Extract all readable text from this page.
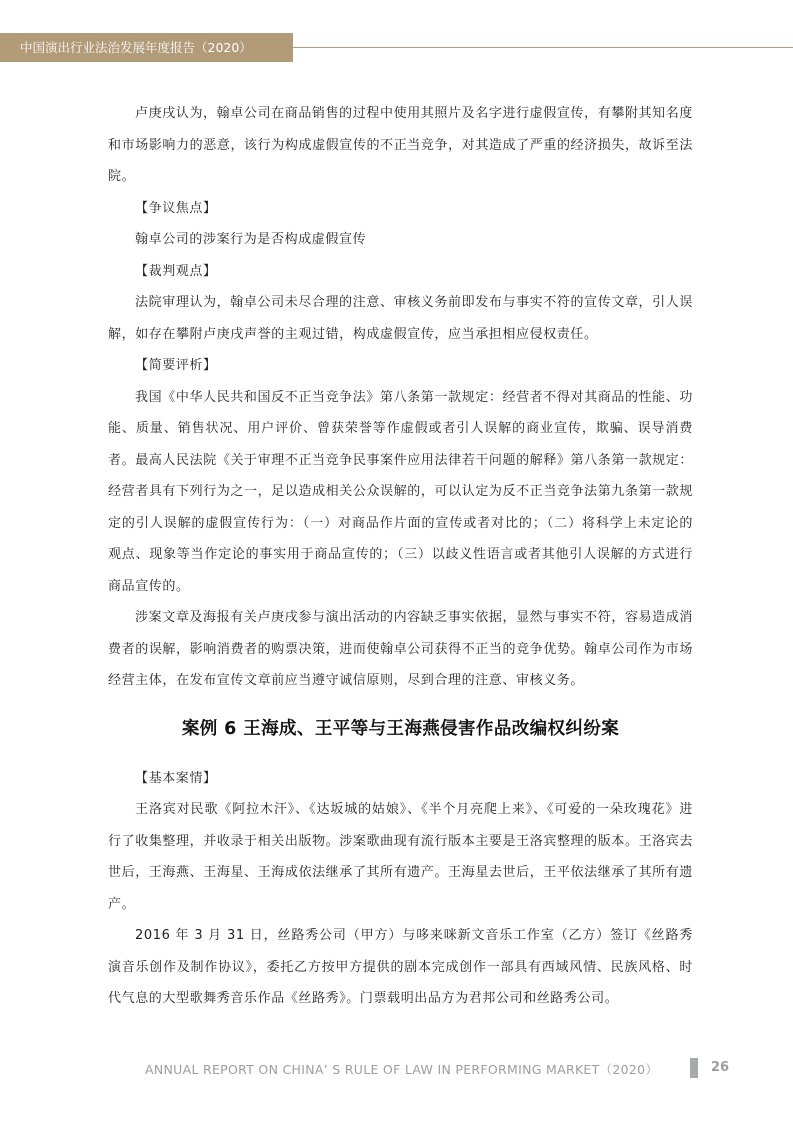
中国演出行业法治发展年度报告（2020）

卢庚戌认为，翰卓公司在商品销售的过程中使用其照片及名字进行虚假宣传，有攀附其知名度和市场影响力的恶意，该行为构成虚假宣传的不正当竞争，对其造成了严重的经济损失，故诉至法院。

【争议焦点】

翰卓公司的涉案行为是否构成虚假宣传

【裁判观点】

法院审理认为，翰卓公司未尽合理的注意、审核义务前即发布与事实不符的宣传文章，引人误解，如存在攀附卢庚戌声誉的主观过错，构成虚假宣传，应当承担相应侵权责任。

【简要评析】

我国《中华人民共和国反不正当竞争法》第八条第一款规定：经营者不得对其商品的性能、功能、质量、销售状况、用户评价、曾获荣誉等作虚假或者引人误解的商业宣传，欺骗、误导消费者。最高人民法院《关于审理不正当竞争民事案件应用法律若干问题的解释》第八条第一款规定：经营者具有下列行为之一，足以造成相关公众误解的，可以认定为反不正当竞争法第九条第一款规定的引人误解的虚假宣传行为：（一）对商品作片面的宣传或者对比的；（二）将科学上未定论的观点、现象等当作定论的事实用于商品宣传的；（三）以歧义性语言或者其他引人误解的方式进行商品宣传的。

涉案文章及海报有关卢庚戌参与演出活动的内容缺乏事实依据，显然与事实不符，容易造成消费者的误解，影响消费者的购票决策，进而使翰卓公司获得不正当的竞争优势。翰卓公司作为市场经营主体，在发布宣传文章前应当遵守诚信原则，尽到合理的注意、审核义务。

案例 6 王海成、王平等与王海燕侵害作品改编权纠纷案

【基本案情】

王洛宾对民歌《阿拉木汗》、《达坂城的姑娘》、《半个月亮爬上来》、《可爱的一朵玫瑰花》进行了收集整理，并收录于相关出版物。涉案歌曲现有流行版本主要是王洛宾整理的版本。王洛宾去世后，王海燕、王海星、王海成依法继承了其所有遗产。王海星去世后，王平依法继承了其所有遗产。

2016 年 3 月 31 日，丝路秀公司（甲方）与哆来咪新文音乐工作室（乙方）签订《丝路秀演音乐创作及制作协议》，委托乙方按甲方提供的剧本完成创作一部具有西域风情、民族风格、时代气息的大型歌舞秀音乐作品《丝路秀》。门票载明出品方为君邦公司和丝路秀公司。

ANNUAL REPORT ON CHINA’ S RULE OF LAW IN PERFORMING MARKET（2020）	26
